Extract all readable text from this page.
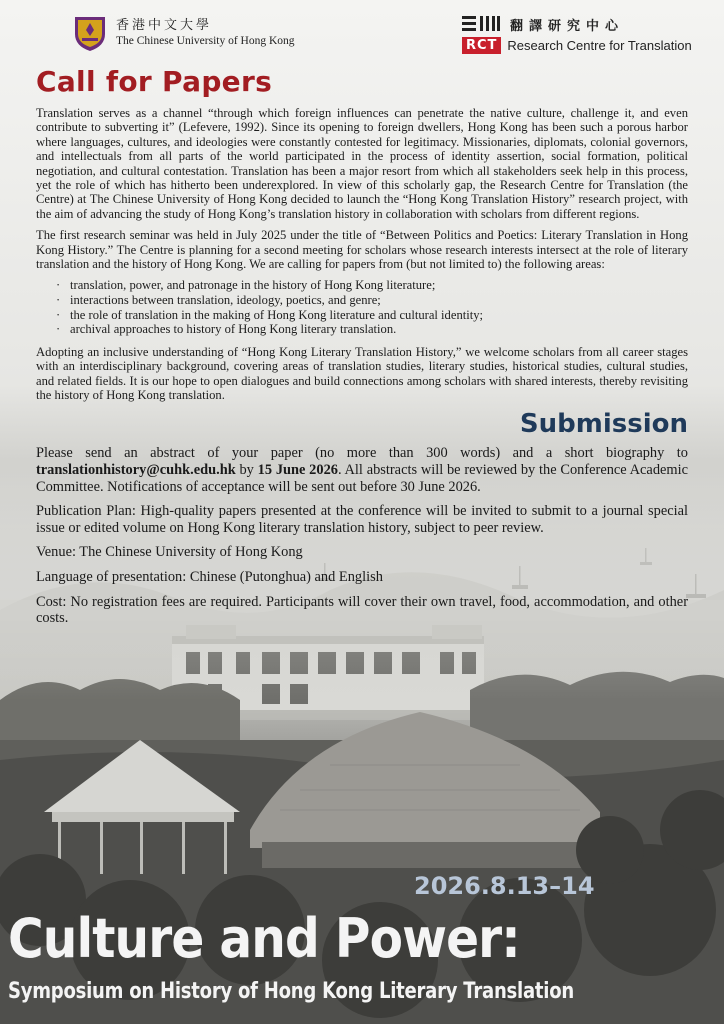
香港中文大學
The Chinese University of Hong Kong
翻譯研究中心
RCT Research Centre for Translation
Call for Papers

Translation serves as a channel “through which foreign influences can penetrate the native culture, challenge it, and even contribute to subverting it” (Lefevere, 1992). Since its opening to foreign dwellers, Hong Kong has been such a porous harbor where languages, cultures, and ideologies were constantly contested for legitimacy. Missionaries, diplomats, colonial governors, and intellectuals from all parts of the world participated in the process of identity assertion, social formation, political negotiation, and cultural contestation. Translation has been a major resort from which all stakeholders seek help in this process, yet the role of which has hitherto been underexplored. In view of this scholarly gap, the Research Centre for Translation (the Centre) at The Chinese University of Hong Kong decided to launch the “Hong Kong Translation History” research project, with the aim of advancing the study of Hong Kong’s translation history in collaboration with scholars from different regions.

The first research seminar was held in July 2025 under the title of “Between Politics and Poetics: Literary Translation in Hong Kong History.” The Centre is planning for a second meeting for scholars whose research interests intersect at the role of literary translation and the history of Hong Kong. We are calling for papers from (but not limited to) the following areas:

· translation, power, and patronage in the history of Hong Kong literature;
· interactions between translation, ideology, poetics, and genre;
· the role of translation in the making of Hong Kong literature and cultural identity;
· archival approaches to history of Hong Kong literary translation.

Adopting an inclusive understanding of “Hong Kong Literary Translation History,” we welcome scholars from all career stages with an interdisciplinary background, covering areas of translation studies, literary studies, historical studies, cultural studies, and related fields. It is our hope to open dialogues and build connections among scholars with shared interests, thereby revisiting the history of Hong Kong translation.

Submission

Please send an abstract of your paper (no more than 300 words) and a short biography to translationhistory@cuhk.edu.hk by 15 June 2026. All abstracts will be reviewed by the Conference Academic Committee. Notifications of acceptance will be sent out before 30 June 2026.

Publication Plan: High-quality papers presented at the conference will be invited to submit to a journal special issue or edited volume on Hong Kong literary translation history, subject to peer review.

Venue: The Chinese University of Hong Kong

Language of presentation: Chinese (Putonghua) and English

Cost: No registration fees are required. Participants will cover their own travel, food, accommodation, and other costs.

2026.8.13–14
Culture and Power:
Symposium on History of Hong Kong Literary Translation
